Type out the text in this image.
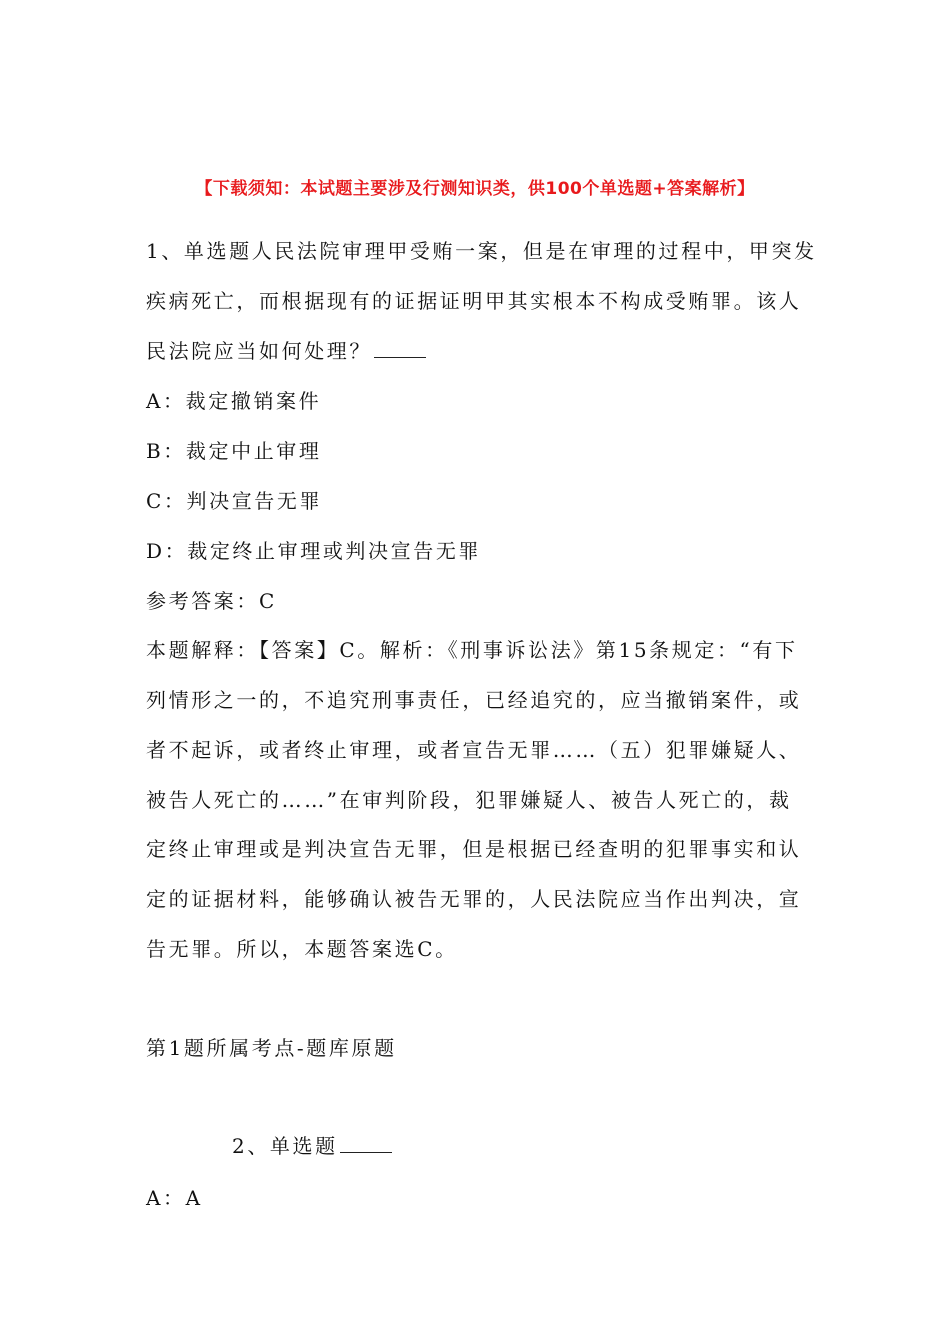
【下载须知：本试题主要涉及行测知识类，供100个单选题+答案解析】
1、单选题人民法院审理甲受贿一案，但是在审理的过程中，甲突发
疾病死亡，而根据现有的证据证明甲其实根本不构成受贿罪。该人
民法院应当如何处理？
A：裁定撤销案件
B：裁定中止审理
C：判决宣告无罪
D：裁定终止审理或判决宣告无罪
参考答案：C
本题解释：【答案】C。解析：《刑事诉讼法》第15条规定：“有下
列情形之一的，不追究刑事责任，已经追究的，应当撤销案件，或
者不起诉，或者终止审理，或者宣告无罪……（五）犯罪嫌疑人、
被告人死亡的……”在审判阶段，犯罪嫌疑人、被告人死亡的，裁
定终止审理或是判决宣告无罪，但是根据已经查明的犯罪事实和认
定的证据材料，能够确认被告无罪的，人民法院应当作出判决，宣
告无罪。所以，本题答案选C。
第1题所属考点-题库原题
2、单选题
A：A
